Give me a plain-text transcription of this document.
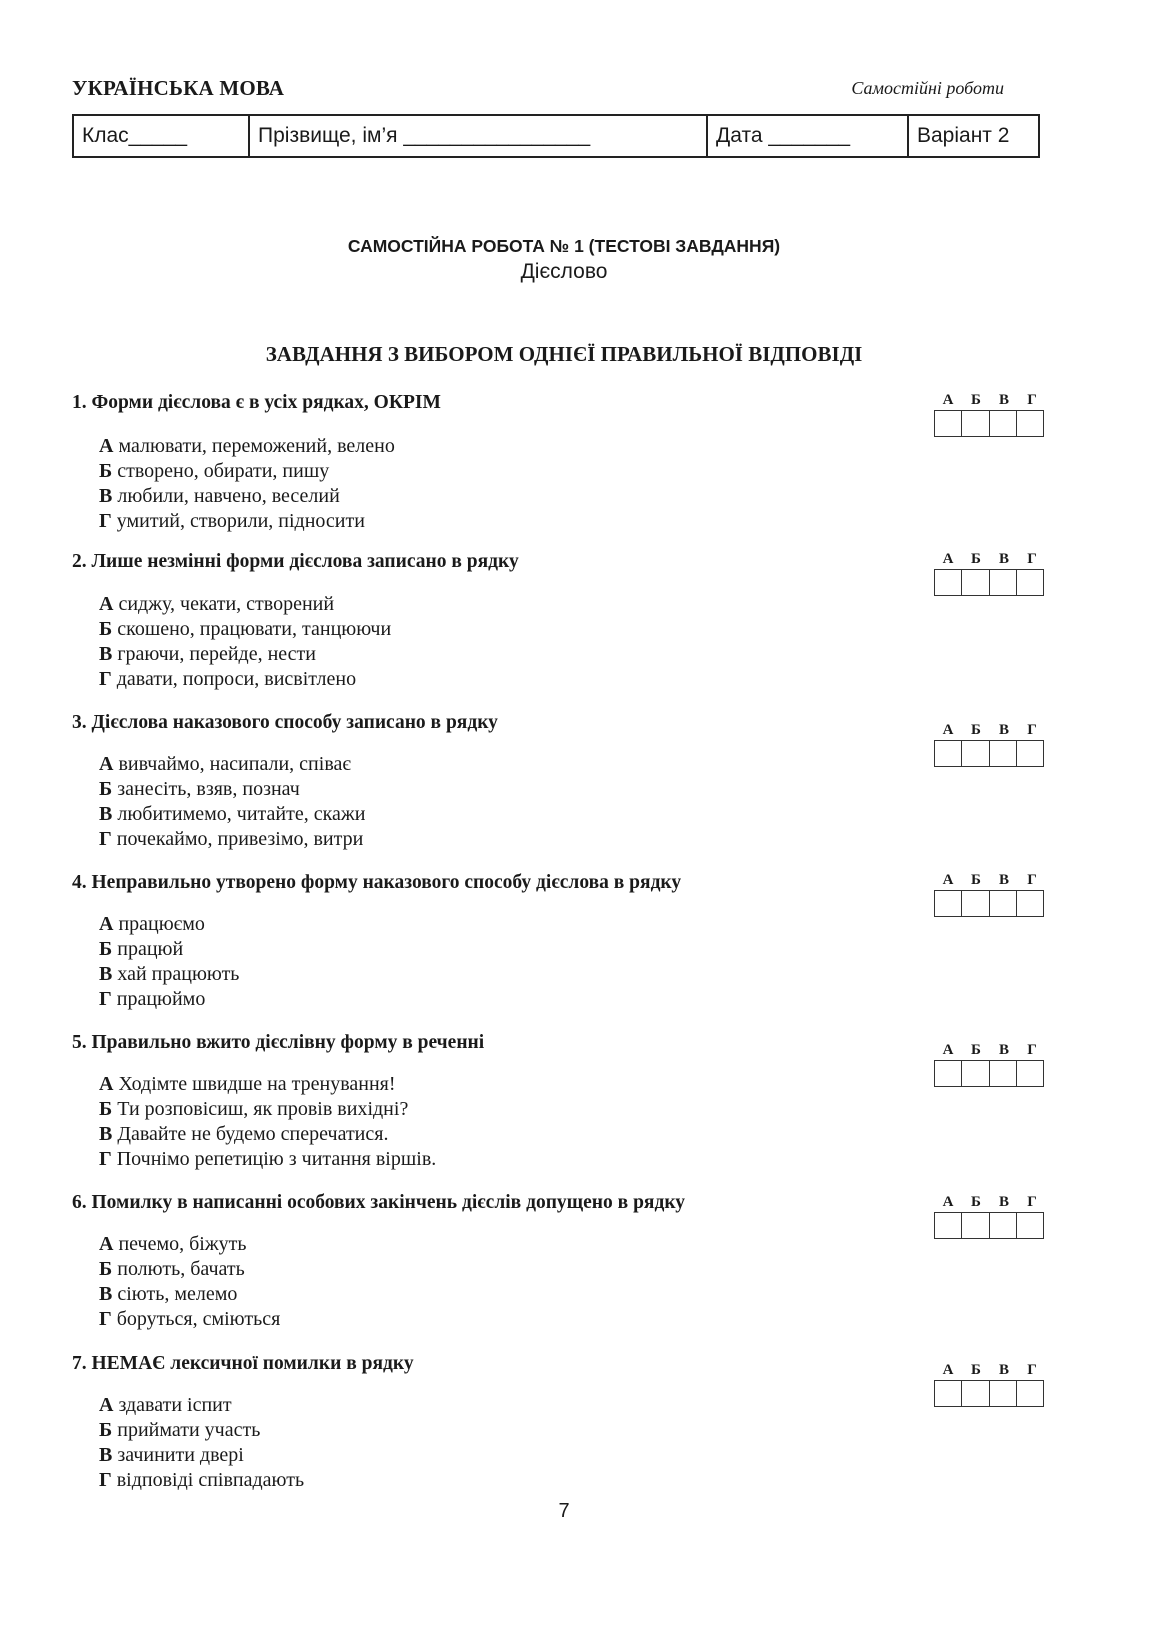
УКРАЇНСЬКА МОВА	Самостійні роботи
Клас_____	Прізвище, ім’я ________________	Дата _______	Варіант 2
САМОСТІЙНА РОБОТА № 1 (ТЕСТОВІ ЗАВДАННЯ)
Дієслово
ЗАВДАННЯ З ВИБОРОМ ОДНІЄЇ ПРАВИЛЬНОЇ ВІДПОВІДІ
1. Форми дієслова є в усіх рядках, ОКРІМ
А малювати, переможений, велено
Б створено, обирати, пишу
В любили, навчено, веселий
Г умитий, створили, підносити
А	Б	В	Г
2. Лише незмінні форми дієслова записано в рядку
А сиджу, чекати, створений
Б скошено, працювати, танцюючи
В граючи, перейде, нести
Г давати, попроси, висвітлено
А	Б	В	Г
3. Дієслова наказового способу записано в рядку
А вивчаймо, насипали, співає
Б занесіть, взяв, познач
В любитимемо, читайте, скажи
Г почекаймо, привезімо, витри
А	Б	В	Г
4. Неправильно утворено форму наказового способу дієслова в рядку
А працюємо
Б працюй
В хай працюють
Г працюймо
А	Б	В	Г
5. Правильно вжито дієслівну форму в реченні
А Ходімте швидше на тренування!
Б Ти розповісиш, як провів вихідні?
В Давайте не будемо сперечатися.
Г Почнімо репетицію з читання віршів.
А	Б	В	Г
6. Помилку в написанні особових закінчень дієслів допущено в рядку
А печемо, біжуть
Б полють, бачать
В сіють, мелемо
Г боруться, сміються
А	Б	В	Г
7. НЕМАЄ лексичної помилки в рядку
А здавати іспит
Б приймати участь
В зачинити двері
Г відповіді співпадають
А	Б	В	Г
7
